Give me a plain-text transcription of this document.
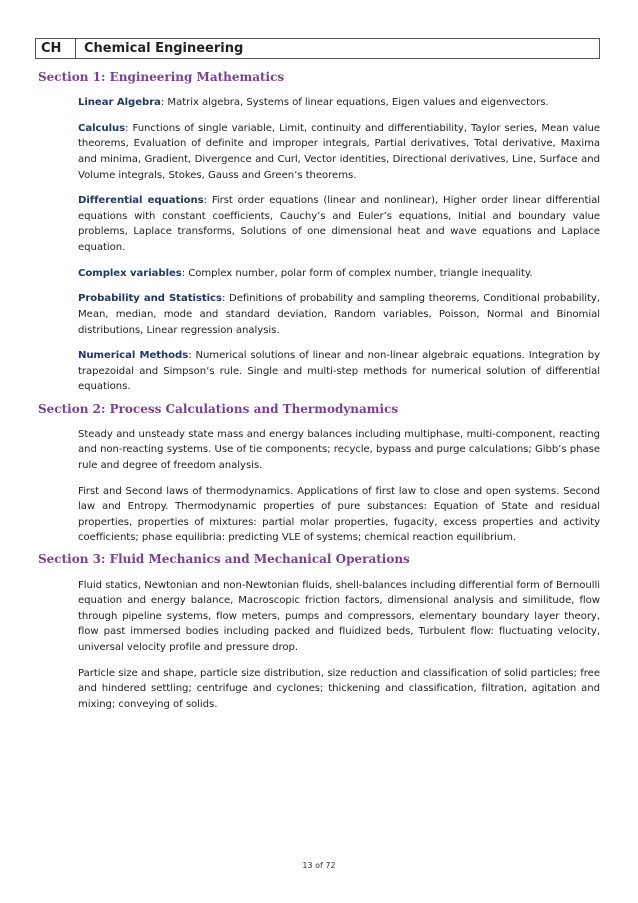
CH	Chemical Engineering
Section 1: Engineering Mathematics

Linear Algebra: Matrix algebra, Systems of linear equations, Eigen values and eigenvectors.

Calculus: Functions of single variable, Limit, continuity and differentiability, Taylor series, Mean value theorems, Evaluation of definite and improper integrals, Partial derivatives, Total derivative, Maxima and minima, Gradient, Divergence and Curl, Vector identities, Directional derivatives, Line, Surface and Volume integrals, Stokes, Gauss and Green’s theorems.

Differential equations: First order equations (linear and nonlinear), Higher order linear differential equations with constant coefficients, Cauchy’s and Euler’s equations, Initial and boundary value problems, Laplace transforms, Solutions of one dimensional heat and wave equations and Laplace equation.

Complex variables: Complex number, polar form of complex number, triangle inequality.

Probability and Statistics: Definitions of probability and sampling theorems, Conditional probability, Mean, median, mode and standard deviation, Random variables, Poisson, Normal and Binomial distributions, Linear regression analysis.

Numerical Methods: Numerical solutions of linear and non-linear algebraic equations. Integration by trapezoidal and Simpson’s rule. Single and multi-step methods for numerical solution of differential equations.

Section 2: Process Calculations and Thermodynamics

Steady and unsteady state mass and energy balances including multiphase, multi-component, reacting and non-reacting systems. Use of tie components; recycle, bypass and purge calculations; Gibb’s phase rule and degree of freedom analysis.

First and Second laws of thermodynamics. Applications of first law to close and open systems. Second law and Entropy. Thermodynamic properties of pure substances: Equation of State and residual properties, properties of mixtures: partial molar properties, fugacity, excess properties and activity coefficients; phase equilibria: predicting VLE of systems; chemical reaction equilibrium.

Section 3: Fluid Mechanics and Mechanical Operations

Fluid statics, Newtonian and non-Newtonian fluids, shell-balances including differential form of Bernoulli equation and energy balance, Macroscopic friction factors, dimensional analysis and similitude, flow through pipeline systems, flow meters, pumps and compressors, elementary boundary layer theory, flow past immersed bodies including packed and fluidized beds, Turbulent flow: fluctuating velocity, universal velocity profile and pressure drop.

Particle size and shape, particle size distribution, size reduction and classification of solid particles; free and hindered settling; centrifuge and cyclones; thickening and classification, filtration, agitation and mixing; conveying of solids.

13 of 72
